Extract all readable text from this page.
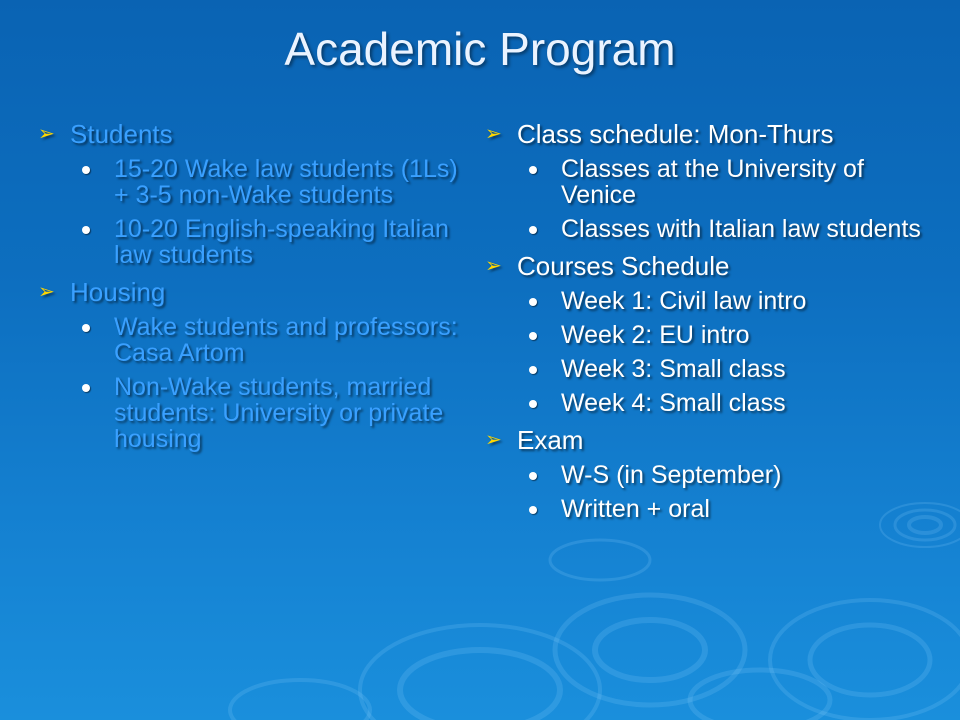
Academic Program
➢ Students
15-20 Wake law students (1Ls) + 3-5 non-Wake students
10-20 English-speaking Italian law students
➢ Housing
Wake students and professors: Casa Artom
Non-Wake students, married students: University or private housing
➢ Class schedule: Mon-Thurs
Classes at the University of Venice
Classes with Italian law students
➢ Courses Schedule
Week 1: Civil law intro
Week 2: EU intro
Week 3: Small class
Week 4: Small class
➢ Exam
W-S (in September)
Written + oral
